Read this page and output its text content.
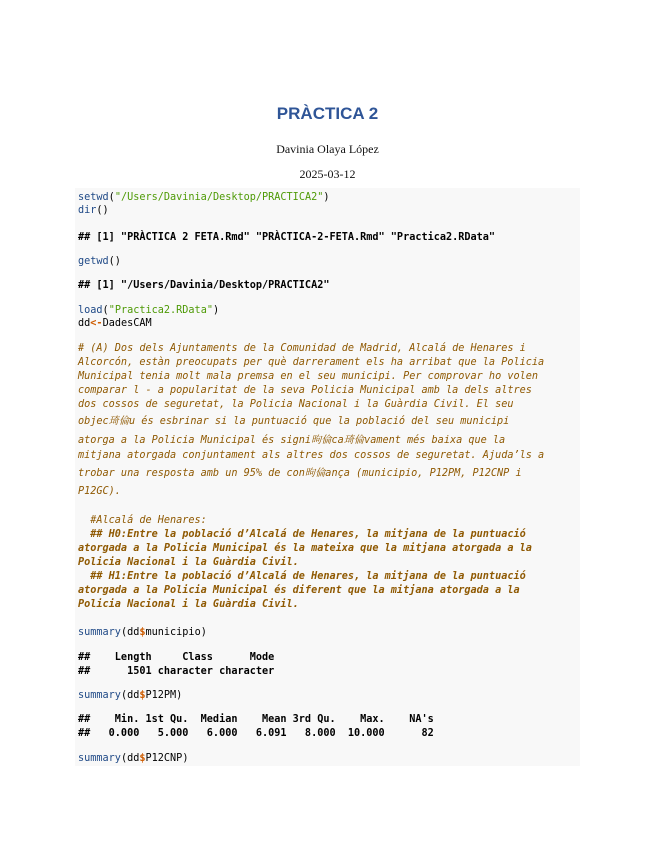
PRÀCTICA 2
Davinia Olaya López
2025-03-12

setwd("/Users/Davinia/Desktop/PRACTICA2")

dir()

## [1] "PRÀCTICA 2 FETA.Rmd" "PRÀCTICA-2-FETA.Rmd" "Practica2.RData"

getwd()

## [1] "/Users/Davinia/Desktop/PRACTICA2"

load("Practica2.RData")

dd<-DadesCAM

# (A) Dos dels Ajuntaments de la Comunidad de Madrid, Alcalá de Henares i

Alcorcón, estàn preocupats per què darrerament els ha arribat que la Policia

Municipal tenia molt mala premsa en el seu municipi. Per comprovar ho volen

comparar l - a popularitat de la seva Policia Municipal amb la dels altres

dos cossos de seguretat, la Policia Nacional i la Guàrdia Civil. El seu

objec琦倫u és esbrinar si la puntuació que la població del seu municipi

atorga a la Policia Municipal és signi昫倫ca琦倫vament més baixa que la

mitjana atorgada conjuntament als altres dos cossos de seguretat. Ajuda’ls a

trobar una resposta amb un 95% de con昫倫ança (municipio, P12PM, P12CNP i

P12GC).

#Alcalá de Henares:

## H0:Entre la població d’Alcalá de Henares, la mitjana de la puntuació

atorgada a la Policia Municipal és la mateixa que la mitjana atorgada a la

Policia Nacional i la Guàrdia Civil.

## H1:Entre la població d’Alcalá de Henares, la mitjana de la puntuació

atorgada a la Policia Municipal és diferent que la mitjana atorgada a la

Policia Nacional i la Guàrdia Civil.

summary(dd$municipio)

##    Length     Class      Mode

##      1501 character character

summary(dd$P12PM)

##    Min. 1st Qu.  Median    Mean 3rd Qu.    Max.    NA's

##   0.000   5.000   6.000   6.091   8.000  10.000      82

summary(dd$P12CNP)
